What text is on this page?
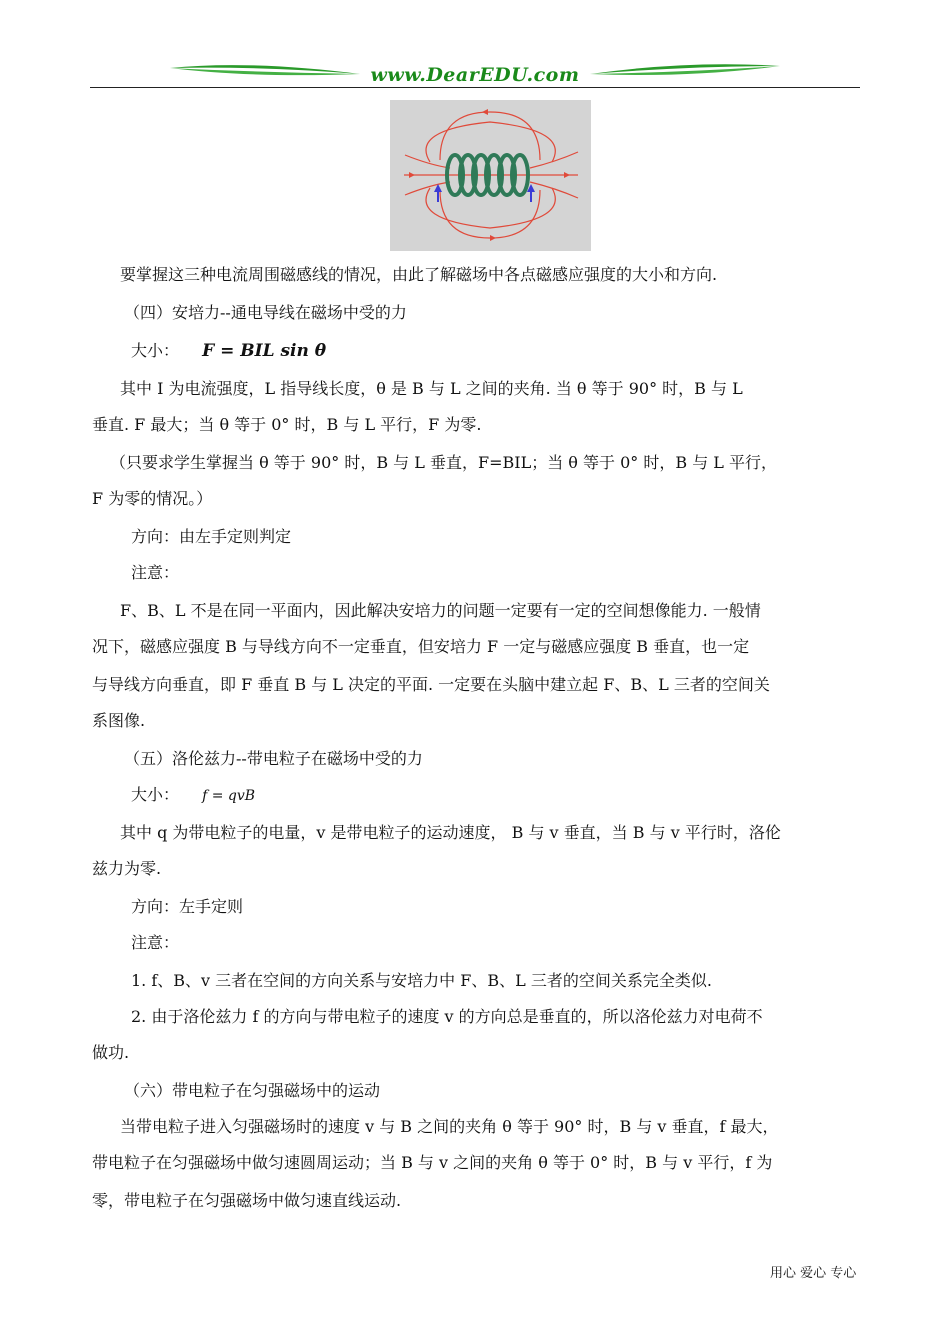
www.DearEDU.com
要掌握这三种电流周围磁感线的情况，由此了解磁场中各点磁感应强度的大小和方向.
（四）安培力--通电导线在磁场中受的力
大小： F = BIL sin θ
其中 I 为电流强度，L 指导线长度，θ 是 B 与 L 之间的夹角. 当 θ 等于 90° 时，B 与 L
垂直. F 最大；当 θ 等于 0° 时，B 与 L 平行，F 为零.
（只要求学生掌握当 θ 等于 90° 时，B 与 L 垂直，F=BIL；当 θ 等于 0° 时，B 与 L 平行，
F 为零的情况。）
方向：由左手定则判定
注意：
F、B、L 不是在同一平面内，因此解决安培力的问题一定要有一定的空间想像能力. 一般情
况下，磁感应强度 B 与导线方向不一定垂直，但安培力 F 一定与磁感应强度 B 垂直，也一定
与导线方向垂直，即 F 垂直 B 与 L 决定的平面. 一定要在头脑中建立起 F、B、L 三者的空间关
系图像.
（五）洛伦兹力--带电粒子在磁场中受的力
大小： f = qvB
其中 q 为带电粒子的电量，v 是带电粒子的运动速度， B 与 v 垂直，当 B 与 v 平行时，洛伦
兹力为零.
方向：左手定则
注意：
1. f、B、v 三者在空间的方向关系与安培力中 F、B、L 三者的空间关系完全类似.
2. 由于洛伦兹力 f 的方向与带电粒子的速度 v 的方向总是垂直的，所以洛伦兹力对电荷不
做功.
（六）带电粒子在匀强磁场中的运动
当带电粒子进入匀强磁场时的速度 v 与 B 之间的夹角 θ 等于 90° 时，B 与 v 垂直，f 最大，
带电粒子在匀强磁场中做匀速圆周运动；当 B 与 v 之间的夹角 θ 等于 0° 时，B 与 v 平行，f 为
零，带电粒子在匀强磁场中做匀速直线运动.
用心 爱心 专心
